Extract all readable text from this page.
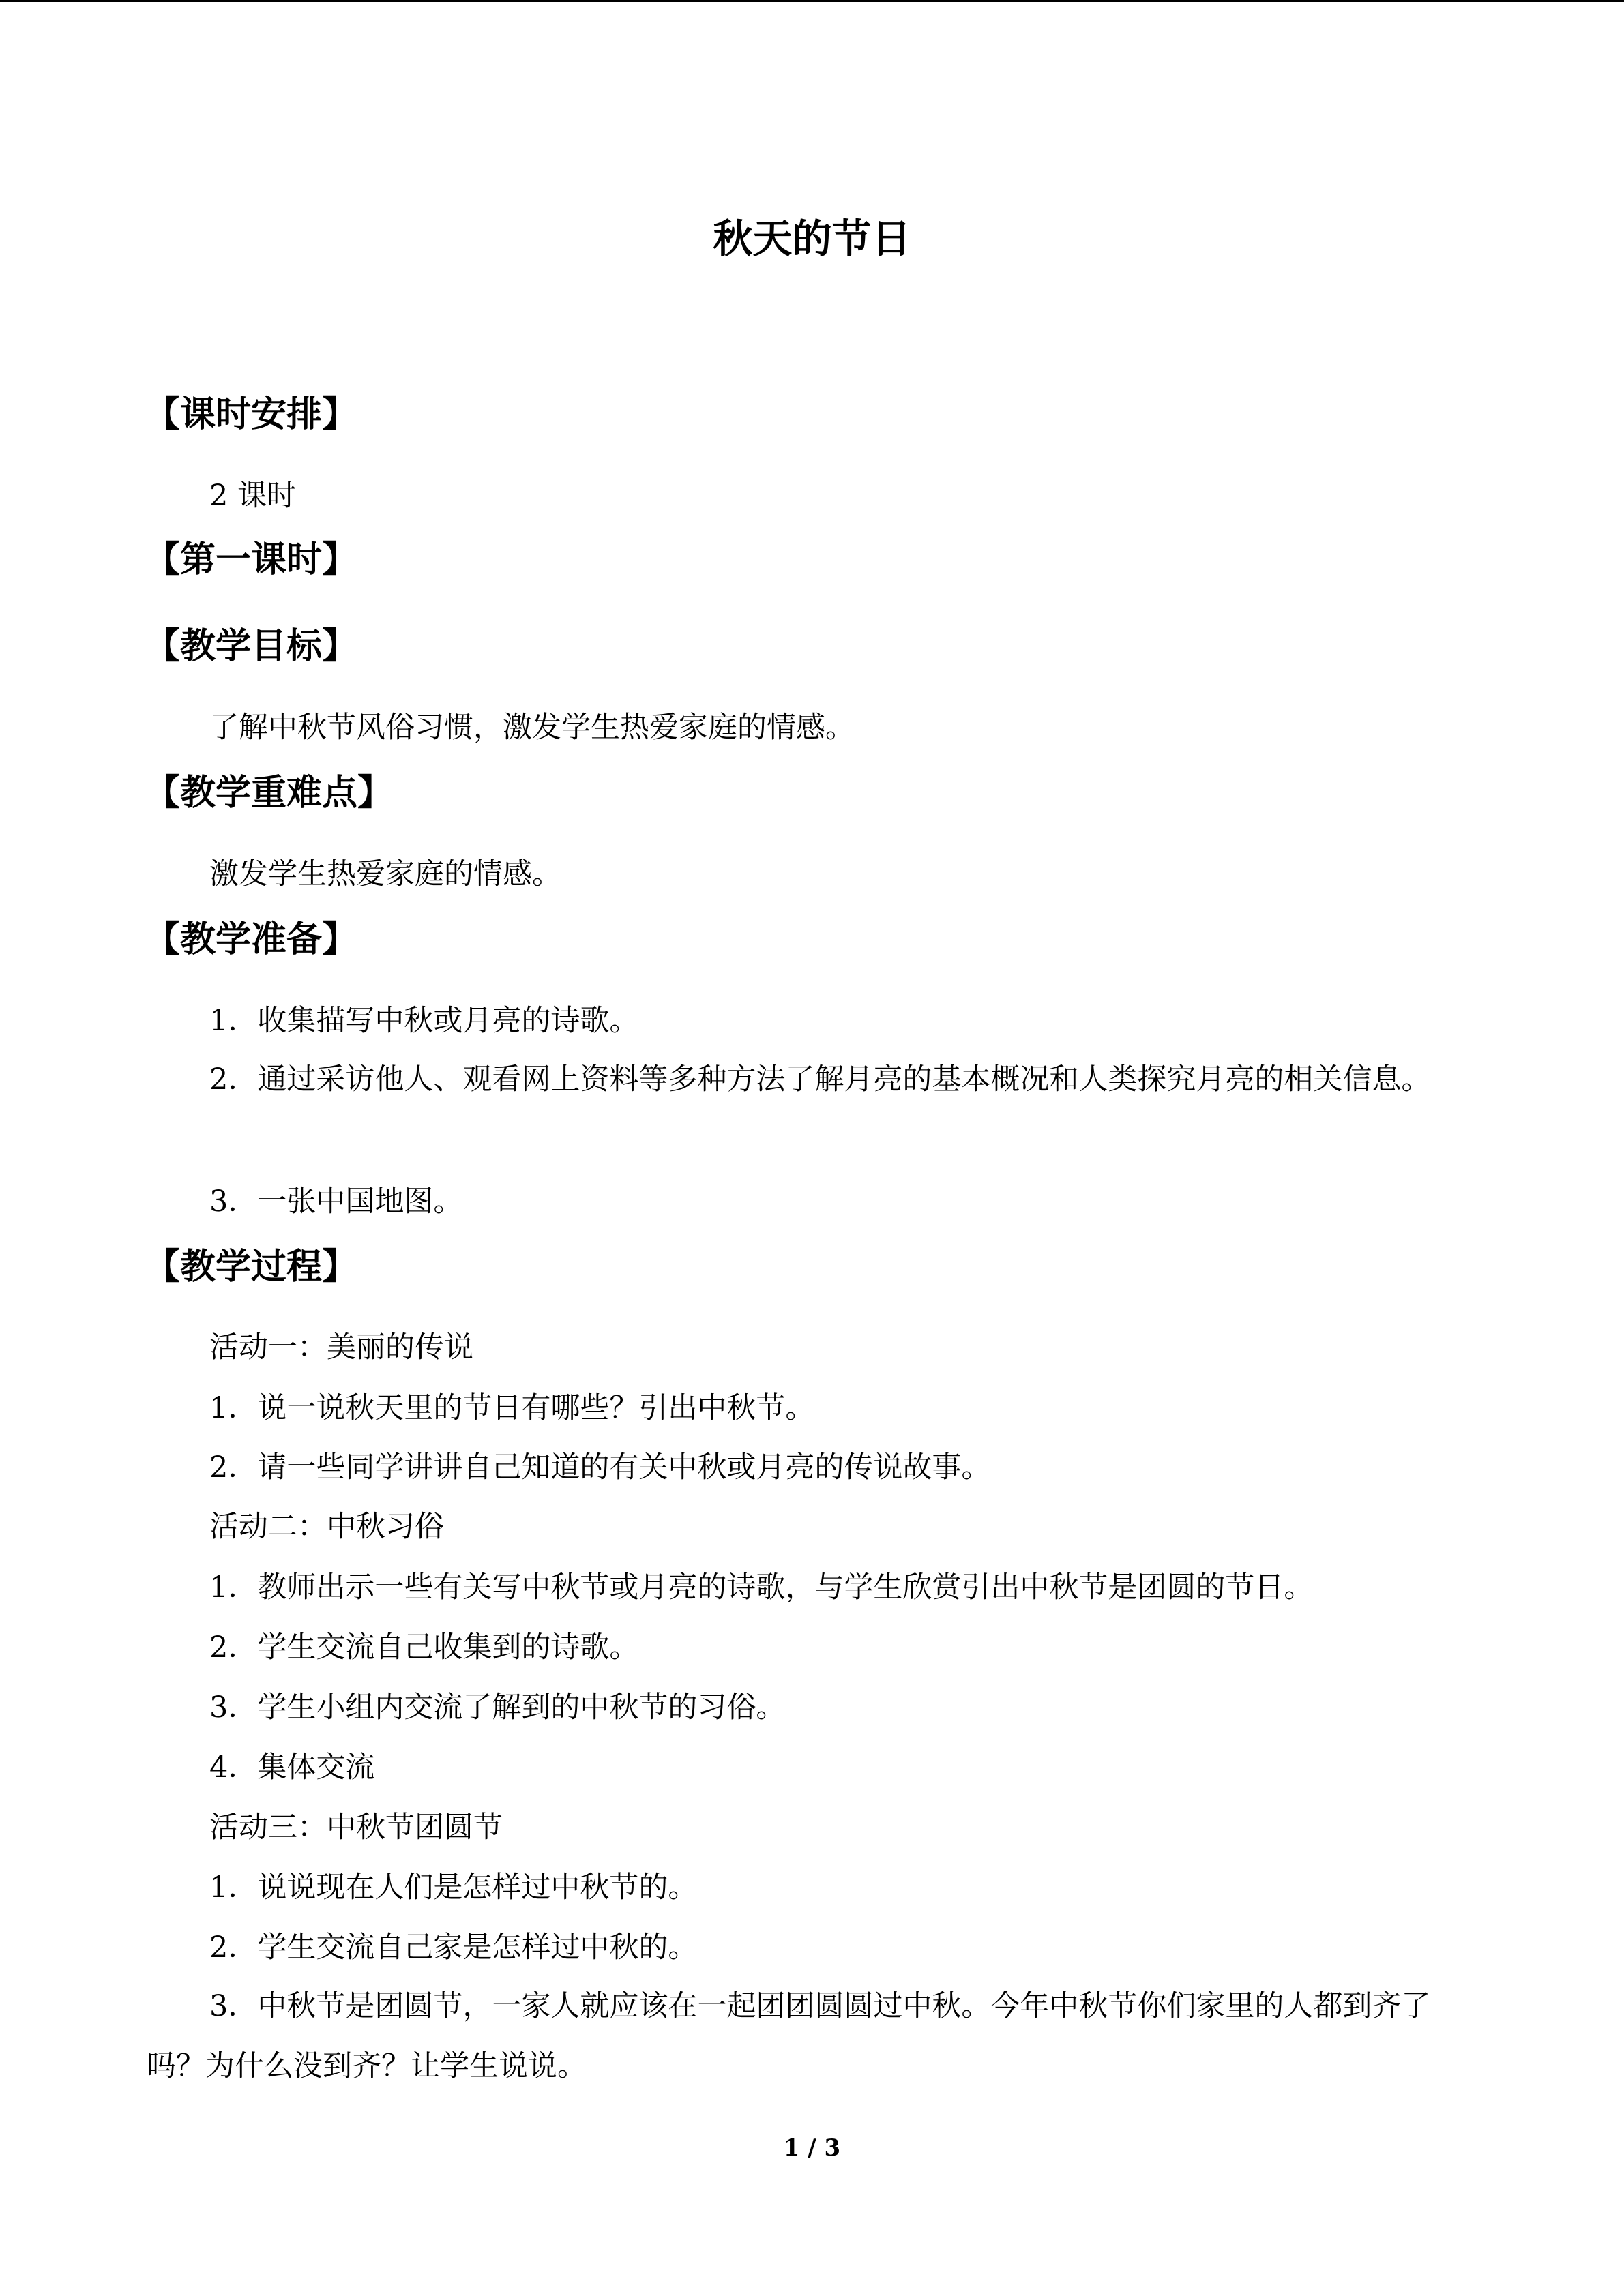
秋天的节日
【课时安排】
2 课时
【第一课时】
【教学目标】
了解中秋节风俗习惯，激发学生热爱家庭的情感。
【教学重难点】
激发学生热爱家庭的情感。
【教学准备】
1．收集描写中秋或月亮的诗歌。
2．通过采访他人、观看网上资料等多种方法了解月亮的基本概况和人类探究月亮的相关信息。
3．一张中国地图。
【教学过程】
活动一：美丽的传说
1．说一说秋天里的节日有哪些？引出中秋节。
2．请一些同学讲讲自己知道的有关中秋或月亮的传说故事。
活动二：中秋习俗
1．教师出示一些有关写中秋节或月亮的诗歌，与学生欣赏引出中秋节是团圆的节日。
2．学生交流自己收集到的诗歌。
3．学生小组内交流了解到的中秋节的习俗。
4．集体交流
活动三：中秋节团圆节
1．说说现在人们是怎样过中秋节的。
2．学生交流自己家是怎样过中秋的。
3．中秋节是团圆节，一家人就应该在一起团团圆圆过中秋。今年中秋节你们家里的人都到齐了吗？为什么没到齐？让学生说说。
1 / 3
